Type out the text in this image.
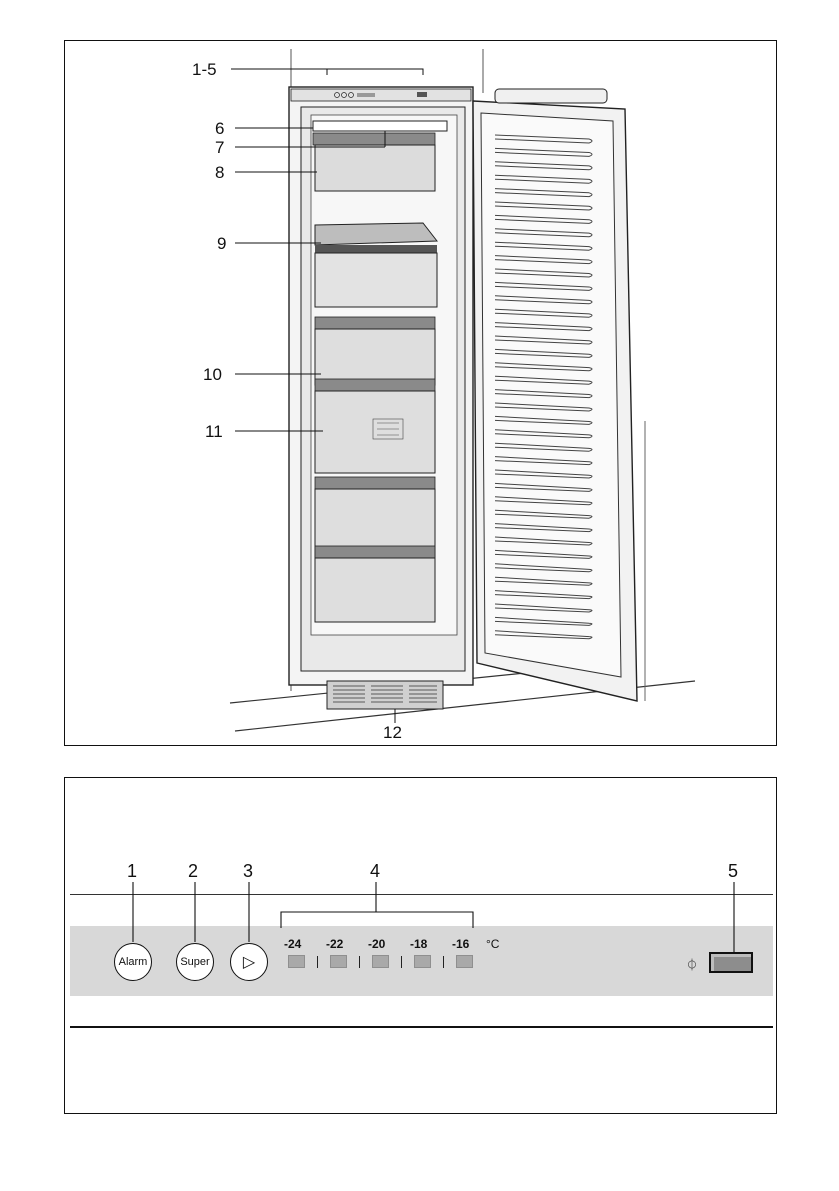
1-5
6
7
8
9
10
11
12
1	2 3	4	5
Alarm	Super	▷
-24 -22 -20 -18 -16 °C
⏀
